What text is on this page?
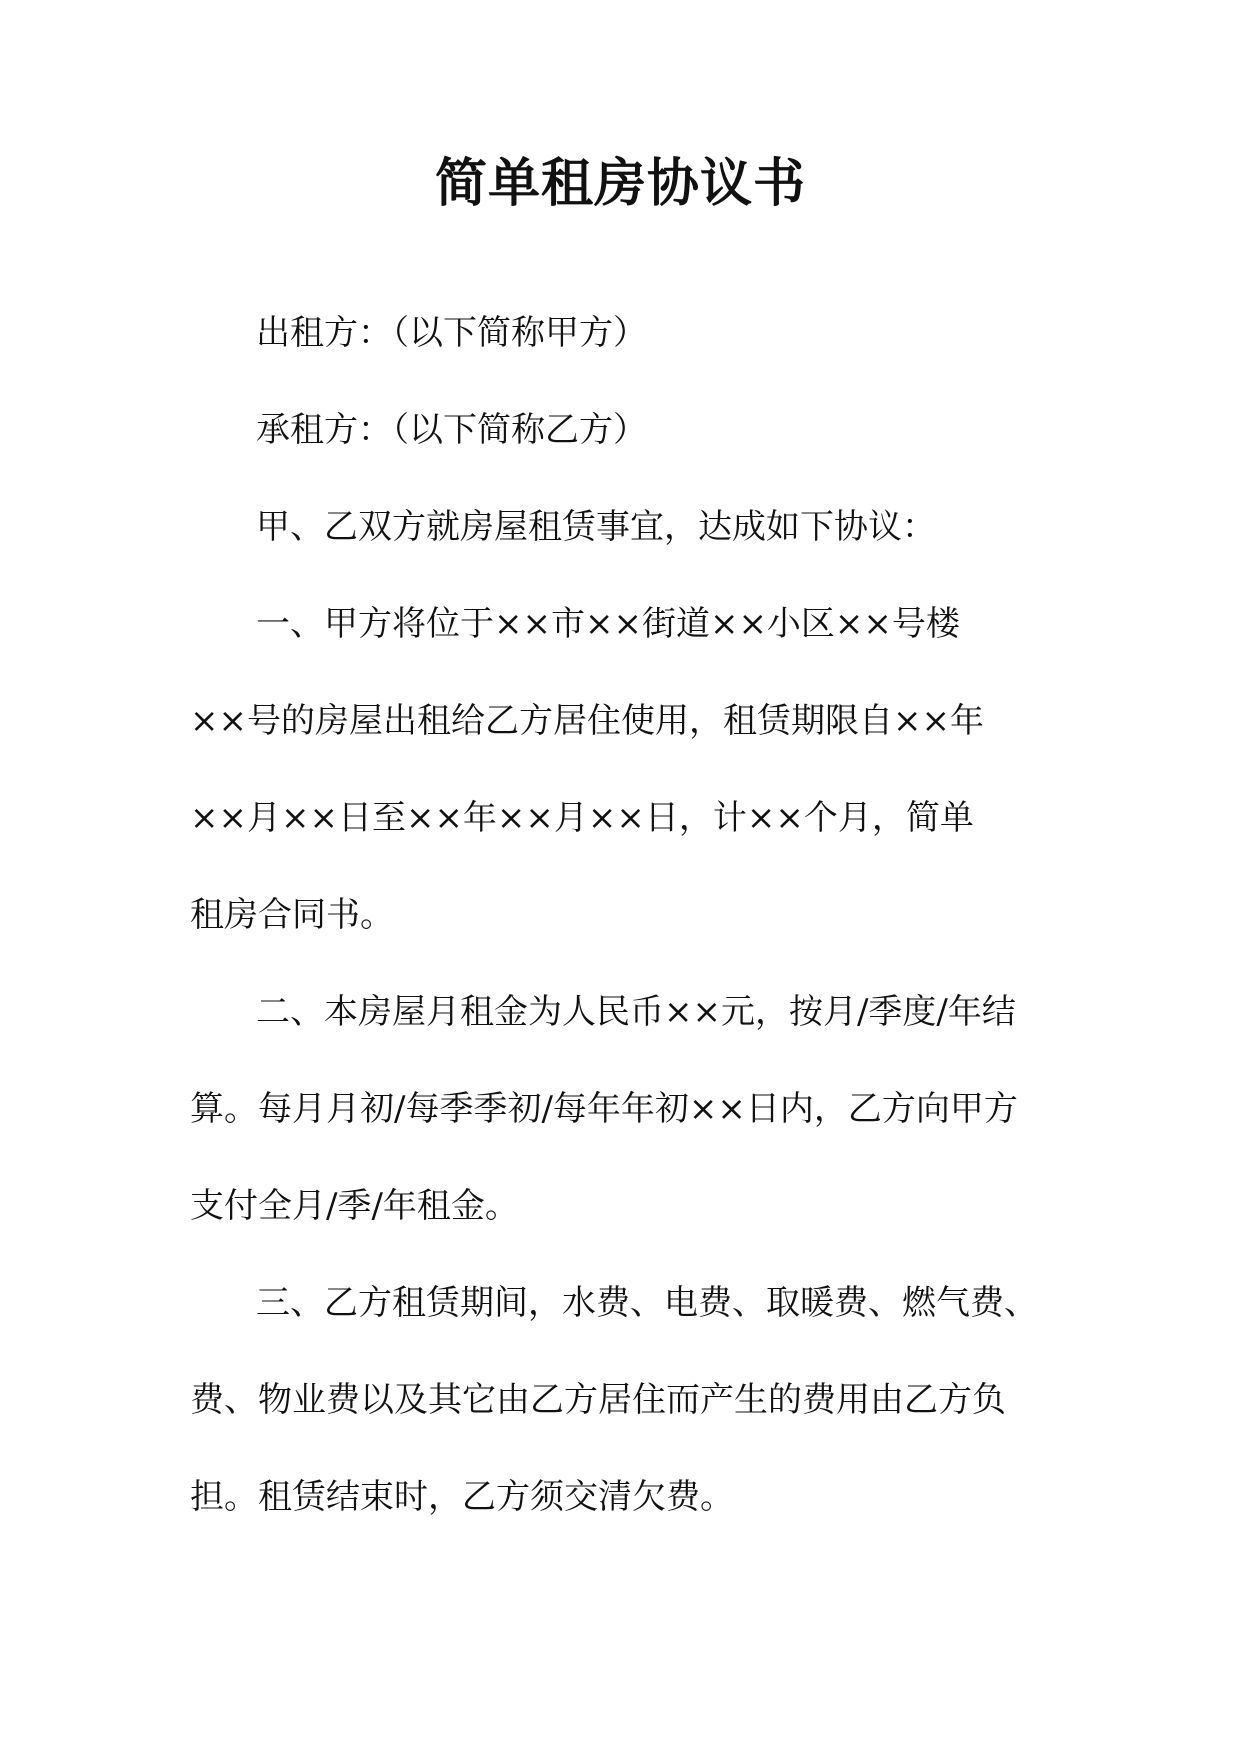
简单租房协议书

出租方：（以下简称甲方）

承租方：（以下简称乙方）

甲、乙双方就房屋租赁事宜，达成如下协议：

一、甲方将位于××市××街道××小区××号楼

××号的房屋出租给乙方居住使用，租赁期限自××年

××月××日至××年××月××日，计××个月，简单

租房合同书。

二、本房屋月租金为人民币××元，按月/季度/年结

算。每月月初/每季季初/每年年初××日内，乙方向甲方

支付全月/季/年租金。

三、乙方租赁期间，水费、电费、取暖费、燃气费、

费、物业费以及其它由乙方居住而产生的费用由乙方负

担。租赁结束时，乙方须交清欠费。
